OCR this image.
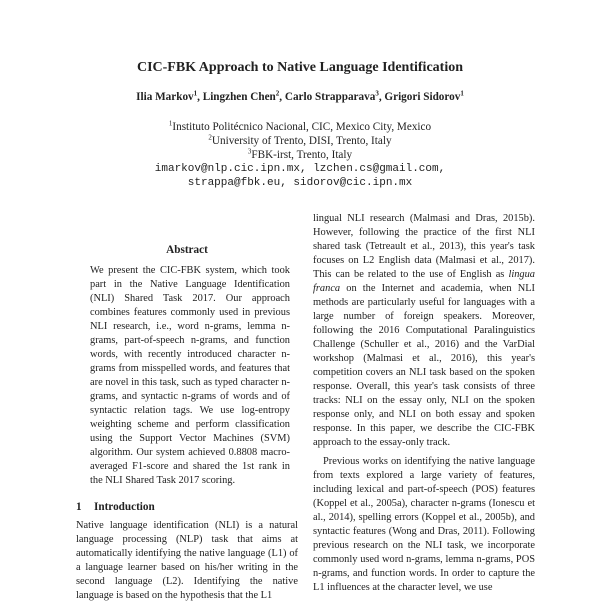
CIC-FBK Approach to Native Language Identification
Ilia Markov$^1$, Lingzhen Chen$^2$, Carlo Strapparava$^3$, Grigori Sidorov$^1$
$^1$Instituto Politécnico Nacional, CIC, Mexico City, Mexico
$^2$University of Trento, DISI, Trento, Italy
$^3$FBK-irst, Trento, Italy
imarkov@nlp.cic.ipn.mx, lzchen.cs@gmail.com,
strappa@fbk.eu, sidorov@cic.ipn.mx
Abstract
We present the CIC-FBK system, which took part in the Native Language Identification (NLI) Shared Task 2017. Our approach combines features commonly used in previous NLI research, i.e., word n-grams, lemma n-grams, part-of-speech n-grams, and function words, with recently introduced character n-grams from misspelled words, and features that are novel in this task, such as typed character n-grams, and syntactic n-grams of words and of syntactic relation tags. We use log-entropy weighting scheme and perform classification using the Support Vector Machines (SVM) algorithm. Our system achieved 0.8808 macro-averaged F1-score and shared the 1st rank in the NLI Shared Task 2017 scoring.
1 Introduction
Native language identification (NLI) is a natural language processing (NLP) task that aims at automatically identifying the native language (L1) of a language learner based on his/her writing in the second language (L2). Identifying the native language is based on the hypothesis that the L1
lingual NLI research (Malmasi and Dras, 2015b). However, following the practice of the first NLI shared task (Tetreault et al., 2013), this year's task focuses on L2 English data (Malmasi et al., 2017). This can be related to the use of English as lingua franca on the Internet and academia, when NLI methods are particularly useful for languages with a large number of foreign speakers. Moreover, following the 2016 Computational Paralinguistics Challenge (Schuller et al., 2016) and the VarDial workshop (Malmasi et al., 2016), this year's competition covers an NLI task based on the spoken response. Overall, this year's task consists of three tracks: NLI on the essay only, NLI on the spoken response only, and NLI on both essay and spoken response. In this paper, we describe the CIC-FBK approach to the essay-only track.
Previous works on identifying the native language from texts explored a large variety of features, including lexical and part-of-speech (POS) features (Koppel et al., 2005a), character n-grams (Ionescu et al., 2014), spelling errors (Koppel et al., 2005b), and syntactic features (Wong and Dras, 2011). Following previous research on the NLI task, we incorporate commonly used word n-grams, lemma n-grams, POS n-grams, and function words. In order to capture the L1 influences at the character level, we use
